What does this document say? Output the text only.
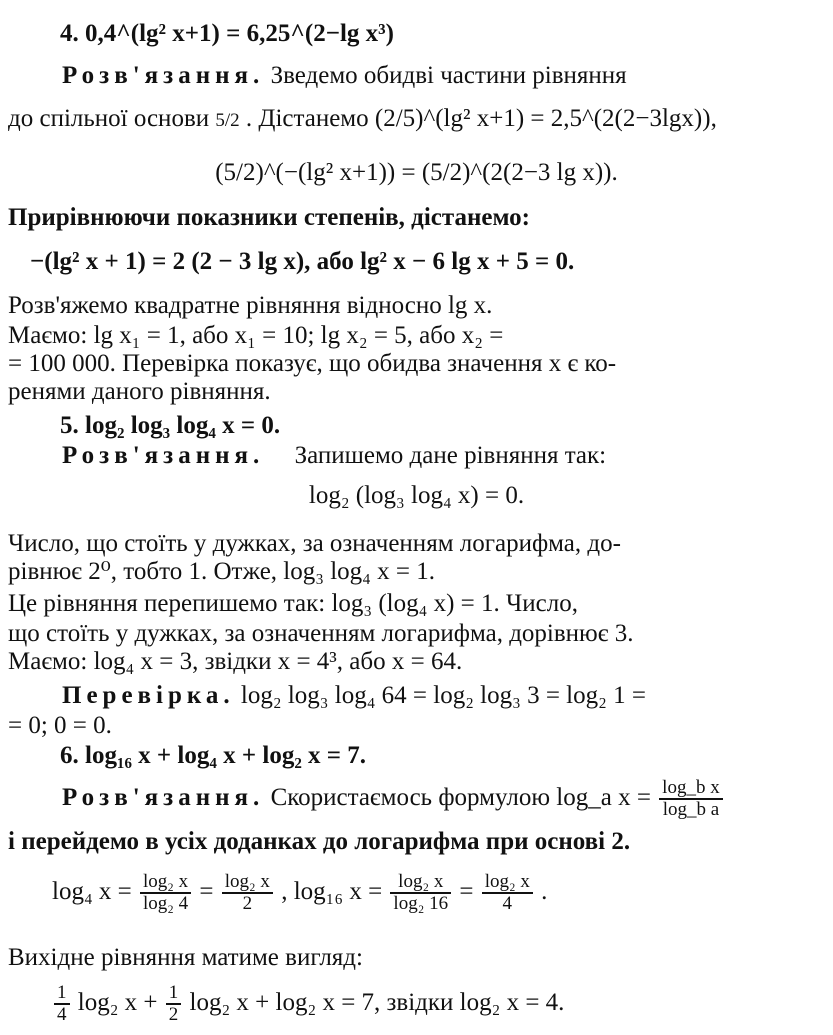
4. 0,4^(lg² x+1) = 6,25^(2−lg x³)
Розв'язання. Зведемо обидві частини рівняння
до спільної основи 5/2 . Дістанемо (2/5)^(lg² x+1) = 2,5^(2(2−3lgx)),
(5/2)^(−(lg² x+1)) = (5/2)^(2(2−3 lg x)).
Прирівнюючи показники степенів, дістанемо:
−(lg² x + 1) = 2 (2 − 3 lg x), або lg² x − 6 lg x + 5 = 0.
Розв'яжемо квадратне рівняння відносно lg x.
Маємо: lg x₁ = 1, або x₁ = 10; lg x₂ = 5, або x₂ =
= 100 000. Перевірка показує, що обидва значення x є ко-
ренями даного рівняння.
5. log₂ log₃ log₄ x = 0.
Розв'язання. Запишемо дане рівняння так:
log₂ (log₃ log₄ x) = 0.
Число, що стоїть у дужках, за означенням логарифма, до-
рівнює 2⁰, тобто 1. Отже, log₃ log₄ x = 1.
Це рівняння перепишемо так: log₃ (log₄ x) = 1. Число,
що стоїть у дужках, за означенням логарифма, дорівнює 3.
Маємо: log₄ x = 3, звідки x = 4³, або x = 64.
Перевірка. log₂ log₃ log₄ 64 = log₂ log₃ 3 = log₂ 1 =
= 0; 0 = 0.
6. log₁₆ x + log₄ x + log₂ x = 7.
Розв'язання. Скористаємось формулою log_a $x = \frac{\text{log\_b x}}{\text{log\_b a}}$
і перейдемо в усіх доданках до логарифма при основі 2.
log₄ $x = \frac{\text{log₂ x}}{\text{log₂ 4}} = \frac{\text{log₂ x}}{2}$ , log₁₆ $x = \frac{\text{log₂ x}}{\text{log₂ 16}} = \frac{\text{log₂ x}}{4}$ .
Вихідне рівняння матиме вигляд:
$\frac{1}{4} \log_2$ $x + \frac{1}{2} \log_2$ x + log₂ x = 7, звідки log₂ x = 4.
